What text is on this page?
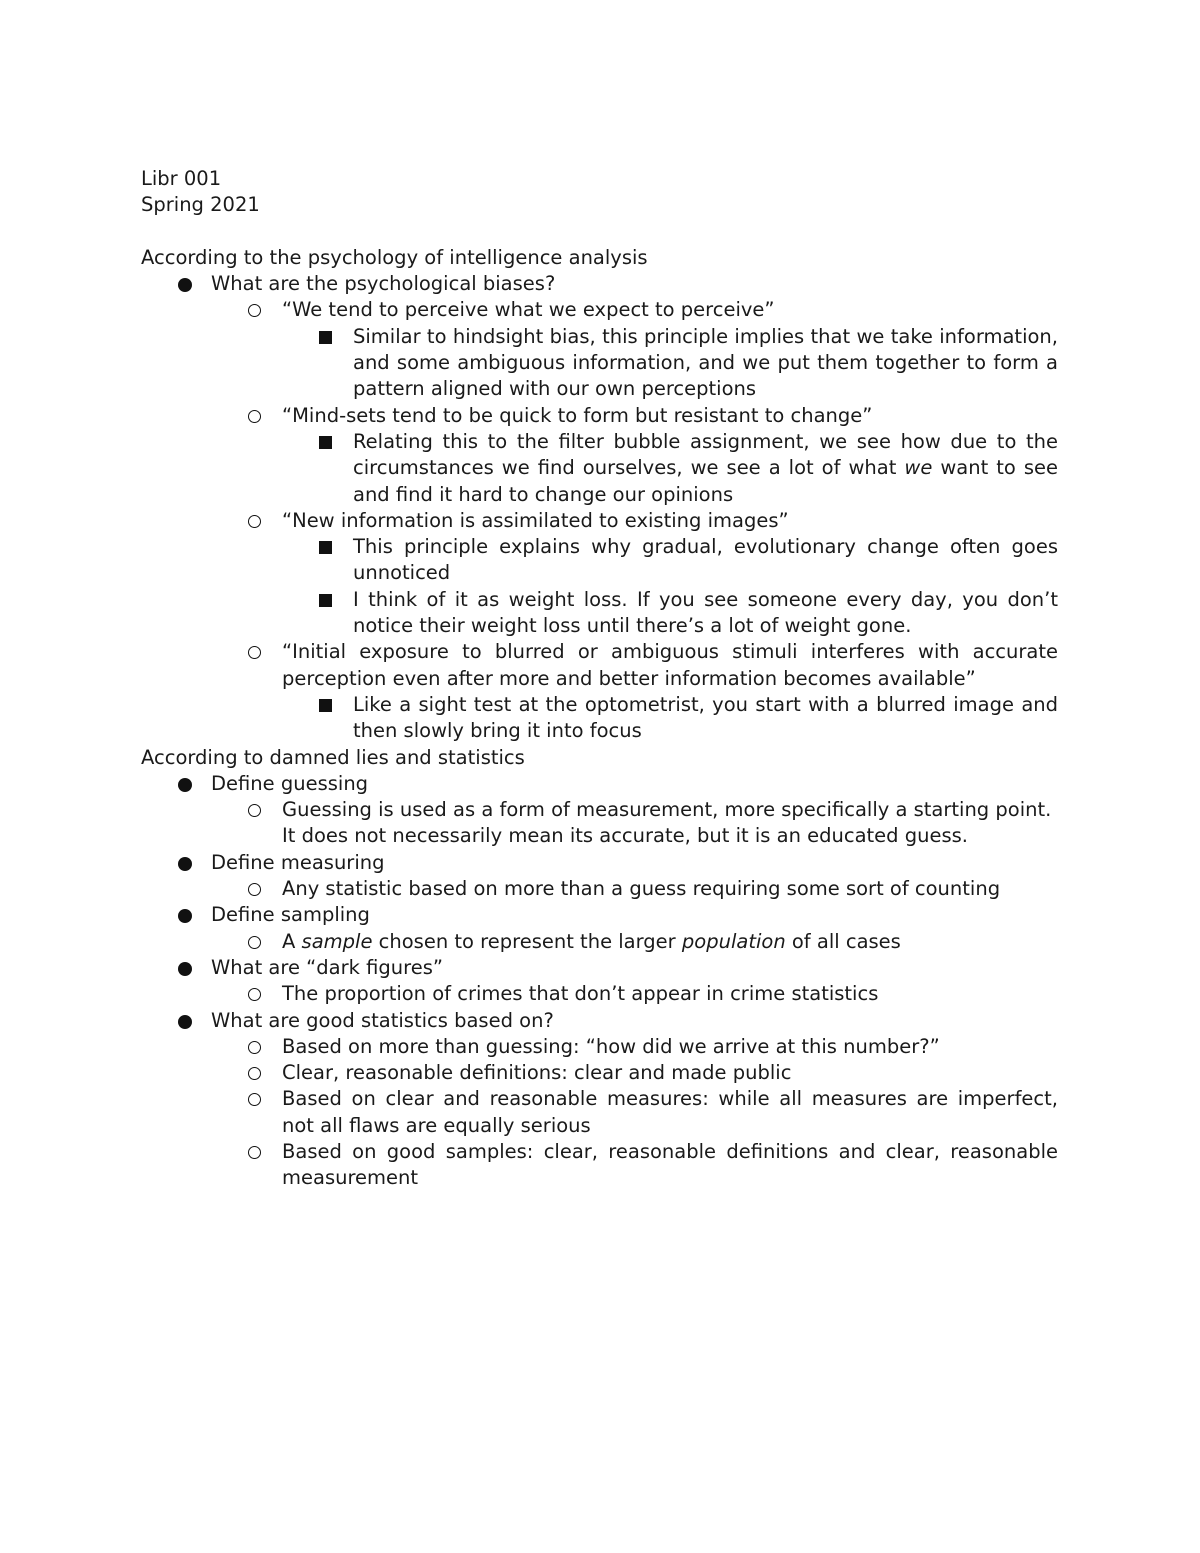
Libr 001
Spring 2021
According to the psychology of intelligence analysis
What are the psychological biases?
“We tend to perceive what we expect to perceive”
Similar to hindsight bias, this principle implies that we take information, and some ambiguous information, and we put them together to form a pattern aligned with our own perceptions
“Mind-sets tend to be quick to form but resistant to change”
Relating this to the filter bubble assignment, we see how due to the circumstances we find ourselves, we see a lot of what we want to see and find it hard to change our opinions
“New information is assimilated to existing images”
This principle explains why gradual, evolutionary change often goes unnoticed
I think of it as weight loss. If you see someone every day, you don’t notice their weight loss until there’s a lot of weight gone.
“Initial exposure to blurred or ambiguous stimuli interferes with accurate perception even after more and better information becomes available”
Like a sight test at the optometrist, you start with a blurred image and then slowly bring it into focus
According to damned lies and statistics
Define guessing
Guessing is used as a form of measurement, more specifically a starting point. It does not necessarily mean its accurate, but it is an educated guess.
Define measuring
Any statistic based on more than a guess requiring some sort of counting
Define sampling
A sample chosen to represent the larger population of all cases
What are “dark figures”
The proportion of crimes that don’t appear in crime statistics
What are good statistics based on?
Based on more than guessing: “how did we arrive at this number?”
Clear, reasonable definitions: clear and made public
Based on clear and reasonable measures: while all measures are imperfect, not all flaws are equally serious
Based on good samples: clear, reasonable definitions and clear, reasonable measurement
